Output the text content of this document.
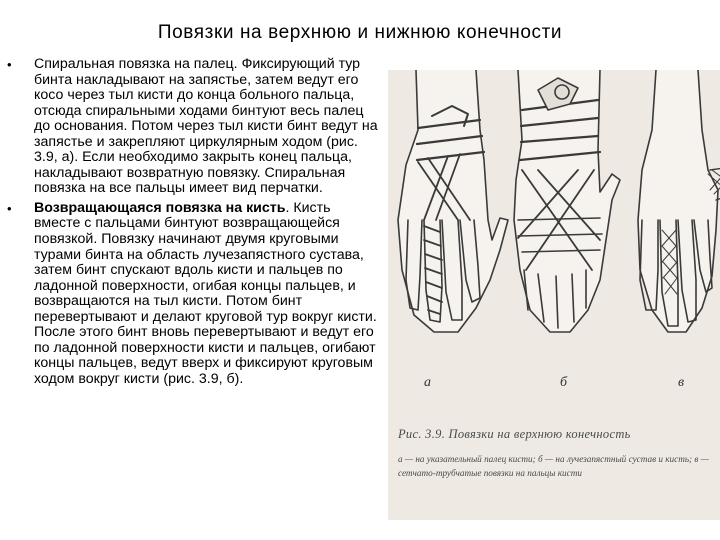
Повязки на верхнюю и нижнюю конечности
• Спиральная повязка на палец. Фиксирующий тур бинта накладывают на запястье, затем ведут его косо через тыл кисти до конца больного пальца, отсюда спиральными ходами бинтуют весь палец до основания. Потом через тыл кисти бинт ведут на запястье и закрепляют циркулярным ходом (рис. 3.9, а). Если необходимо закрыть конец пальца, накладывают возвратную повязку. Спиральная повязка на все пальцы имеет вид перчатки.
• Возвращающаяся повязка на кисть. Кисть вместе с пальцами бинтуют возвращающейся повязкой. Повязку начинают двумя круговыми турами бинта на область лучезапястного сустава, затем бинт спускают вдоль кисти и пальцев по ладонной поверхности, огибая концы пальцев, и возвращаются на тыл кисти. Потом бинт перевертывают и делают круговой тур вокруг кисти. После этого бинт вновь перевертывают и ведут его по ладонной поверхности кисти и пальцев, огибают концы пальцев, ведут вверх и фиксируют круговым ходом вокруг кисти (рис. 3.9, б).	а	б	в
Рис. 3.9. Повязки на верхнюю конечность
а — на указательный палец кисти; б — на лучезапястный сустав и кисть; в —
сетчато-трубчатые повязки на пальцы кисти
